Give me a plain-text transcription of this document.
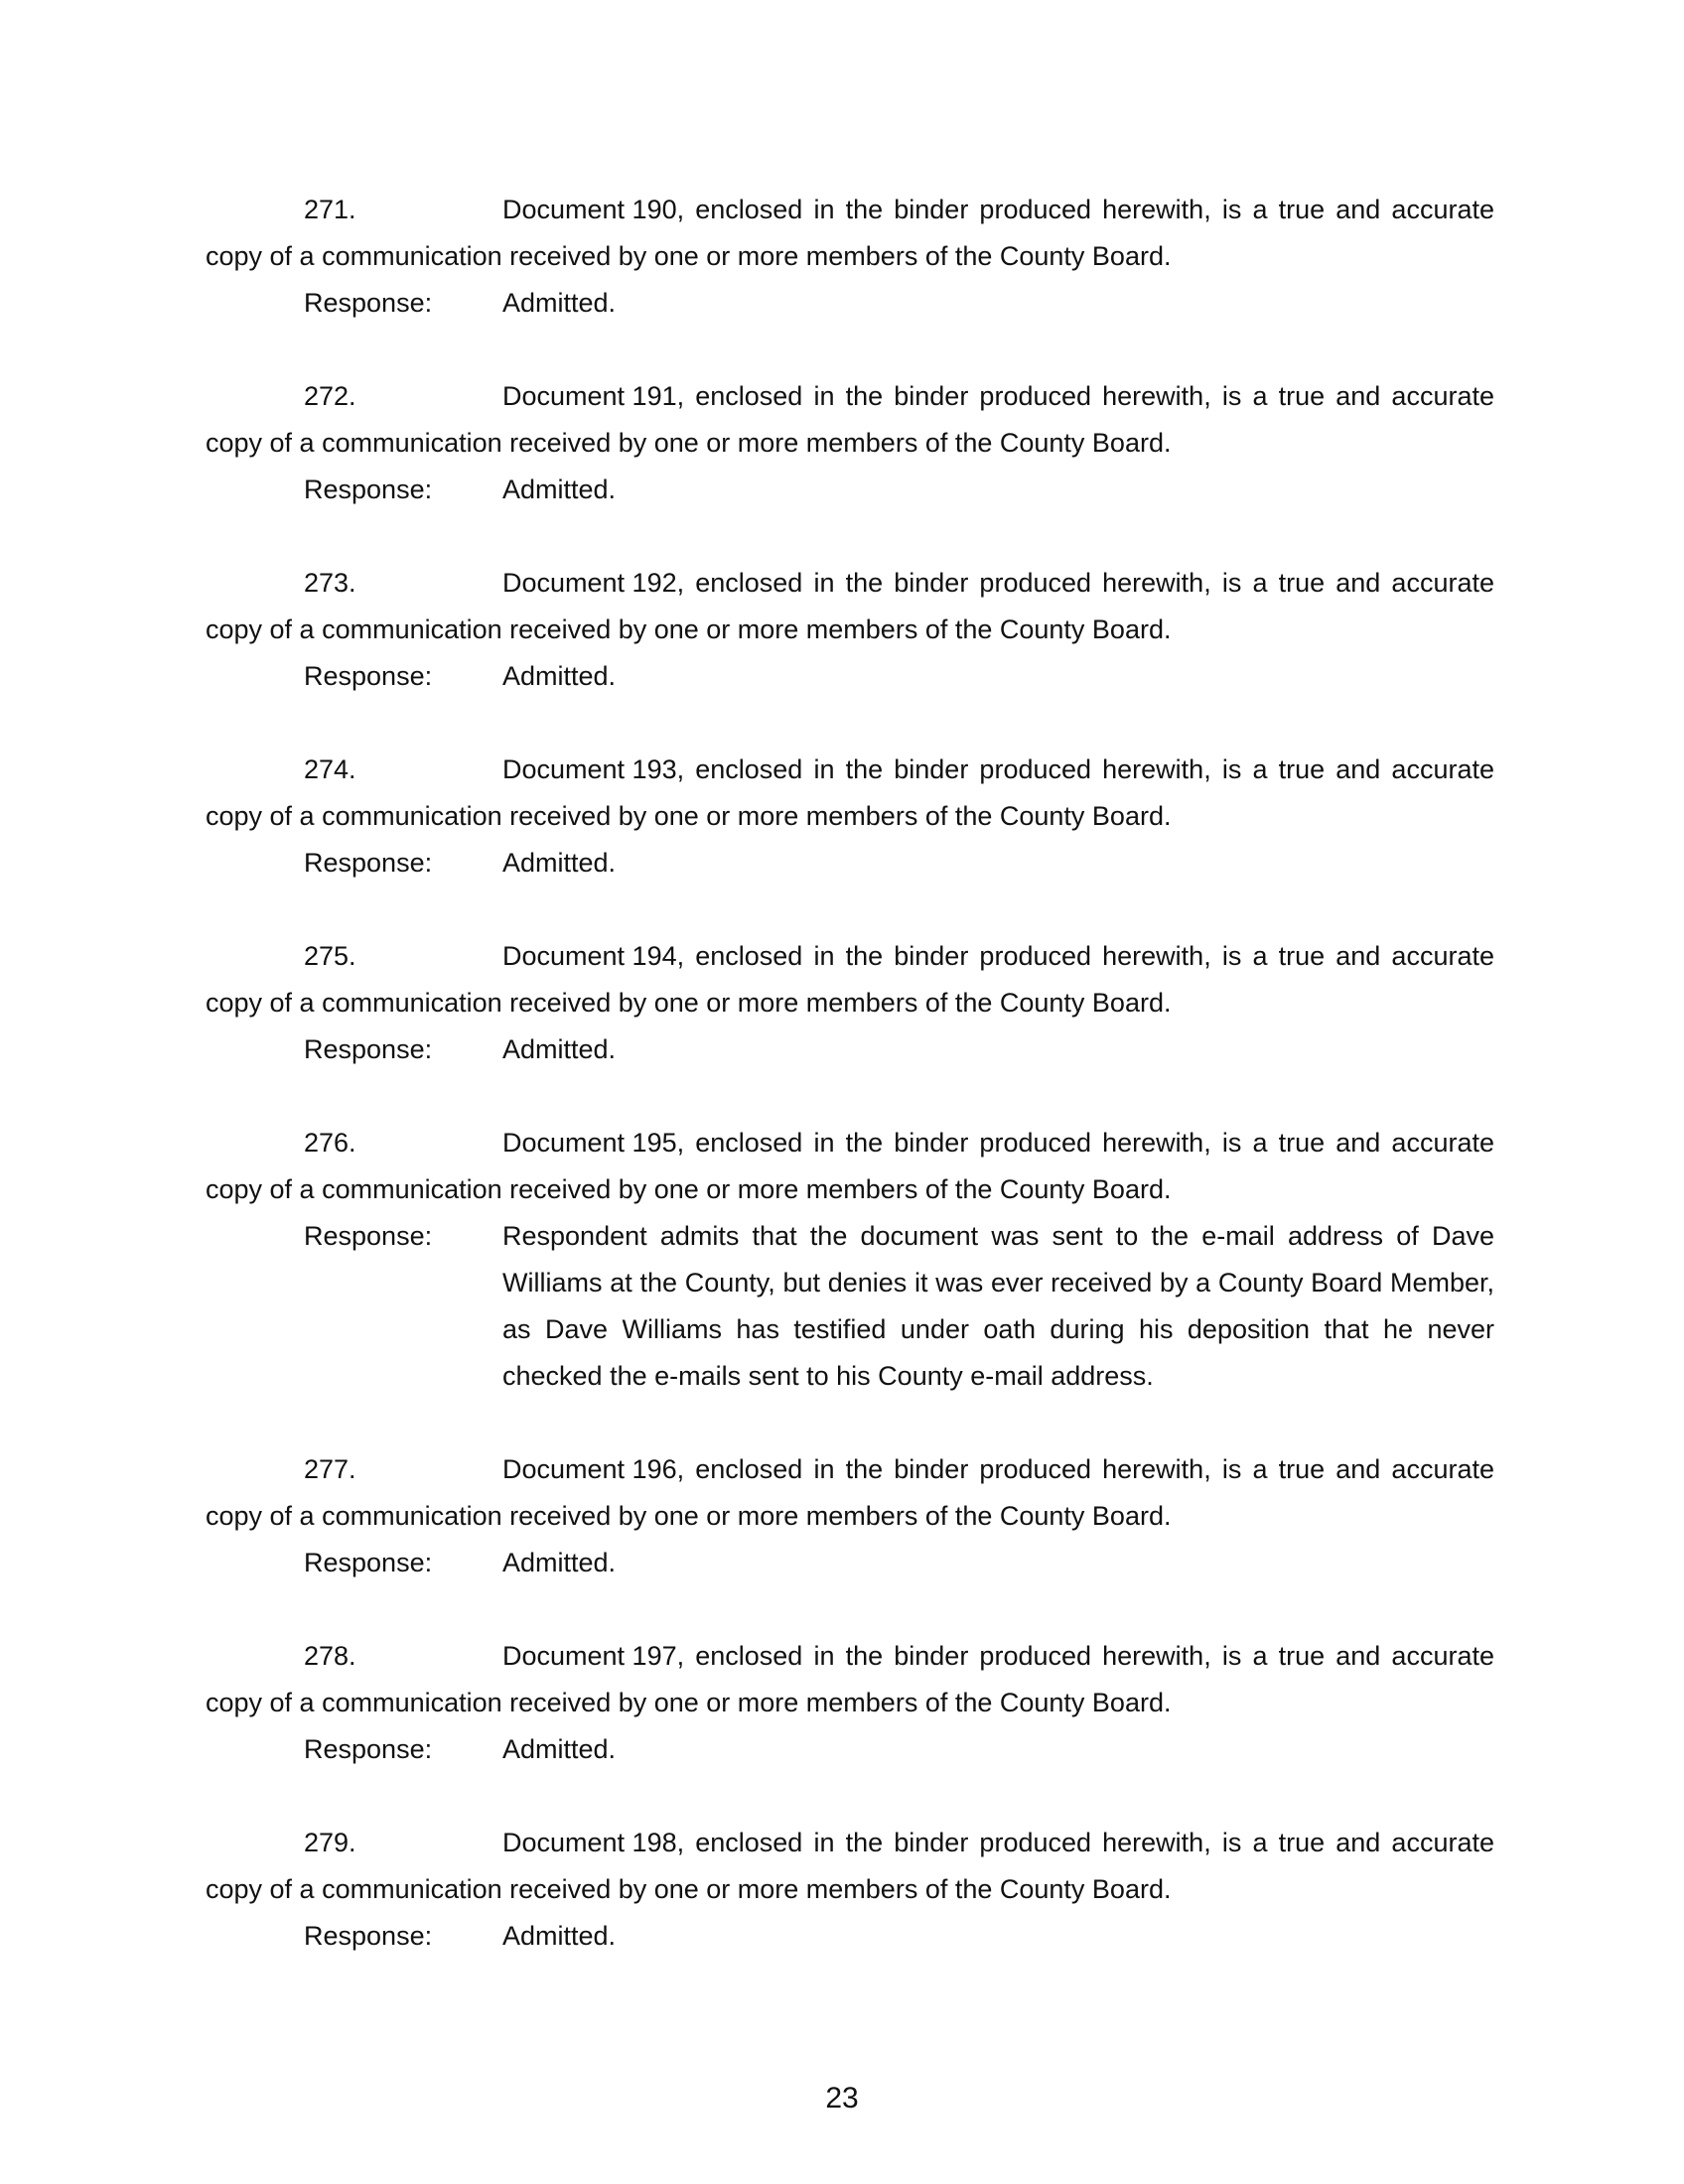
271.	Document 190, enclosed in the binder produced herewith, is a true and accurate copy of a communication received by one or more members of the County Board.

Response:	Admitted.

272.	Document 191, enclosed in the binder produced herewith, is a true and accurate copy of a communication received by one or more members of the County Board.

Response:	Admitted.

273.	Document 192, enclosed in the binder produced herewith, is a true and accurate copy of a communication received by one or more members of the County Board.

Response:	Admitted.

274.	Document 193, enclosed in the binder produced herewith, is a true and accurate copy of a communication received by one or more members of the County Board.

Response:	Admitted.

275.	Document 194, enclosed in the binder produced herewith, is a true and accurate copy of a communication received by one or more members of the County Board.

Response:	Admitted.

276.	Document 195, enclosed in the binder produced herewith, is a true and accurate copy of a communication received by one or more members of the County Board.

Response:	Respondent admits that the document was sent to the e-mail address of Dave Williams at the County, but denies it was ever received by a County Board Member, as Dave Williams has testified under oath during his deposition that he never checked the e-mails sent to his County e-mail address.

277.	Document 196, enclosed in the binder produced herewith, is a true and accurate copy of a communication received by one or more members of the County Board.

Response:	Admitted.

278.	Document 197, enclosed in the binder produced herewith, is a true and accurate copy of a communication received by one or more members of the County Board.

Response:	Admitted.

279.	Document 198, enclosed in the binder produced herewith, is a true and accurate copy of a communication received by one or more members of the County Board.

Response:	Admitted.
23
